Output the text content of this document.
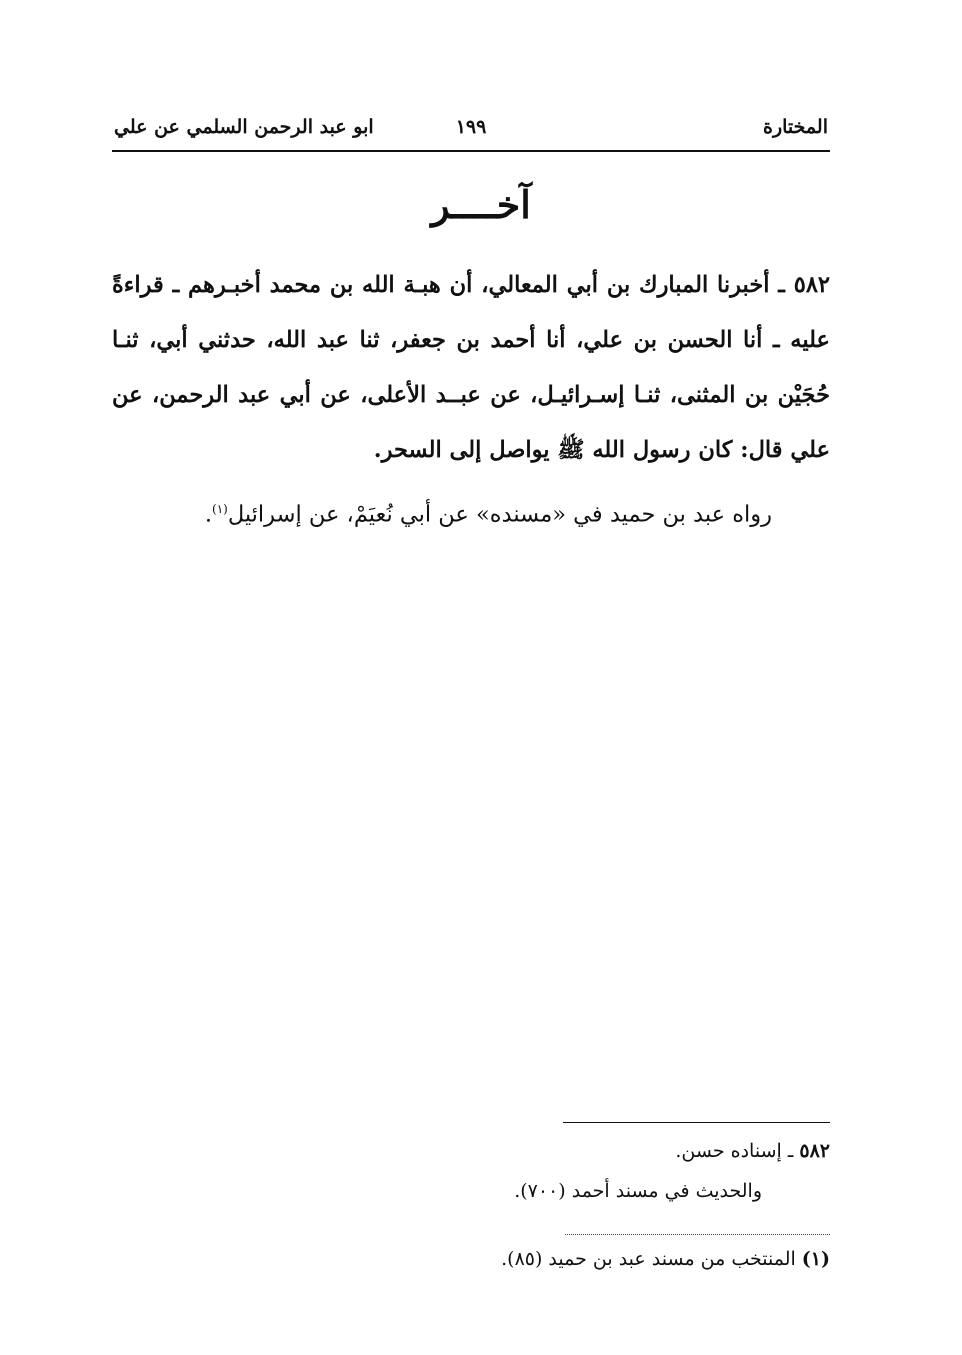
المختارة
١٩٩
ابو عبد الرحمن السلمي عن علي
آخــــر

٥٨٢ ـ أخبرنا المبارك بن أبي المعالي، أن هبـة الله بن محمد أخبـرهم ـ قراءةً عليه ـ أنا الحسن بن علي، أنا أحمد بن جعفر، ثنا عبد الله، حدثني أبي، ثنـا حُجَيْن بن المثنى، ثنـا إسـرائيـل، عن عبــد الأعلى، عن أبي عبد الرحمن، عن علي قال: كان رسول الله ﷺ يواصل إلى السحر.

رواه عبد بن حميد في «مسنده» عن أبي نُعيَمْ، عن إسرائيل$^{(١)}$.

٥٨٢ـ إسناده حسن.
والحديث في مسند أحمد (٧٠٠).
(١)المنتخب من مسند عبد بن حميد (٨٥).
